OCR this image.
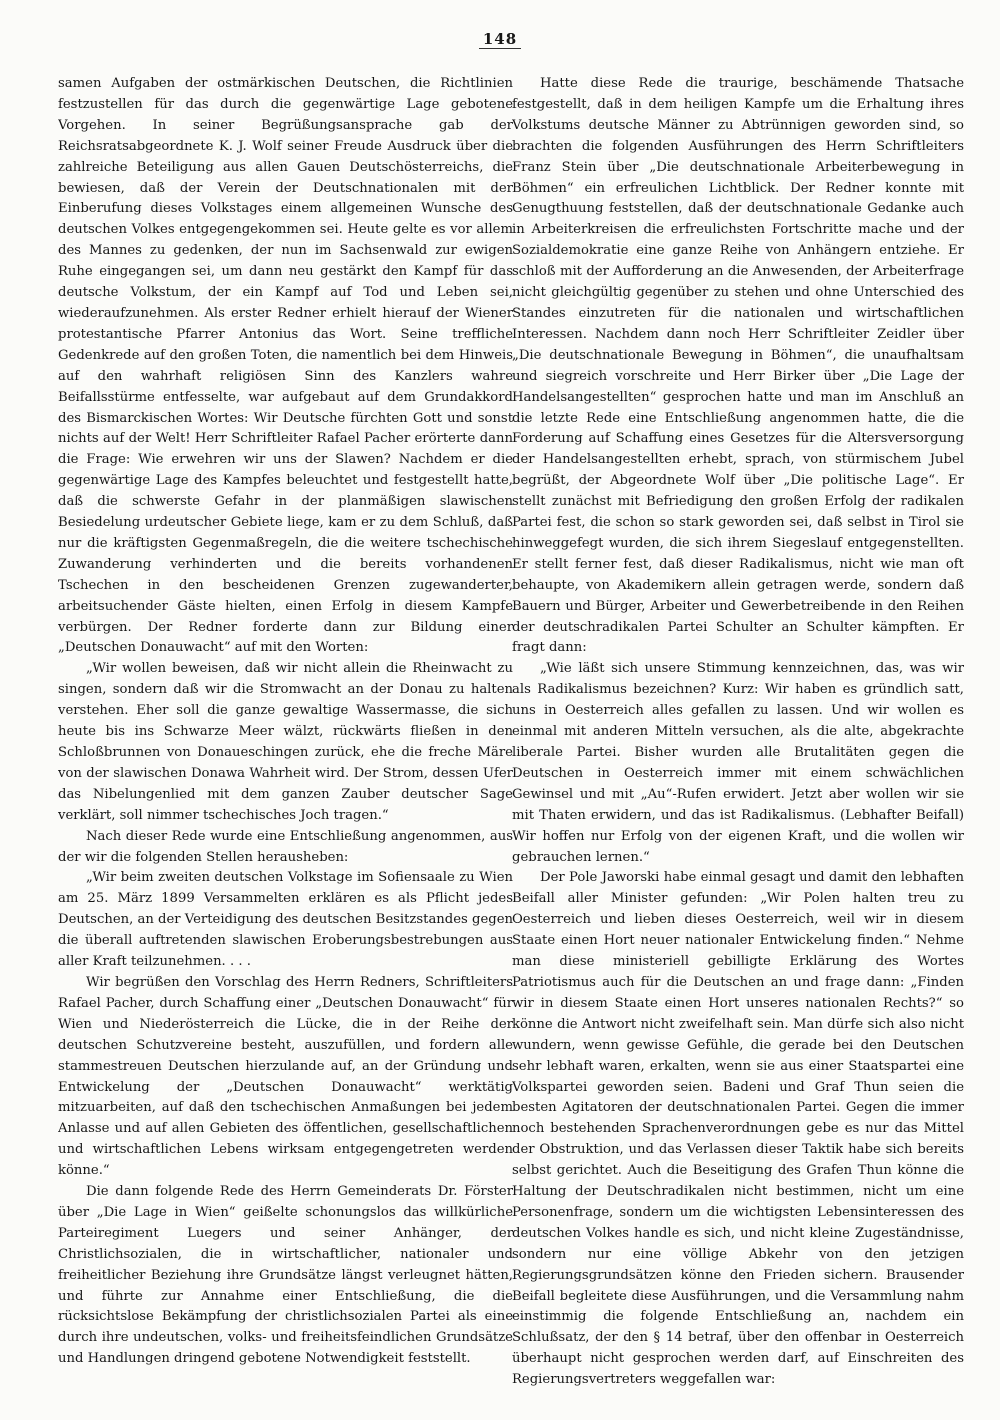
148

samen Aufgaben der ostmärkischen Deutschen, die Richtlinien festzustellen für das durch die gegenwärtige Lage gebotene Vorgehen. In seiner Begrüßungsansprache gab der Reichsratsabgeordnete K. J. Wolf seiner Freude Ausdruck über die zahlreiche Beteiligung aus allen Gauen Deutschösterreichs, die bewiesen, daß der Verein der Deutschnationalen mit der Einberufung dieses Volkstages einem allgemeinen Wunsche des deutschen Volkes entgegengekommen sei. Heute gelte es vor allem des Mannes zu gedenken, der nun im Sachsenwald zur ewigen Ruhe eingegangen sei, um dann neu gestärkt den Kampf für das deutsche Volkstum, der ein Kampf auf Tod und Leben sei, wiederaufzunehmen. Als erster Redner erhielt hierauf der Wiener protestantische Pfarrer Antonius das Wort. Seine treffliche Gedenkrede auf den großen Toten, die namentlich bei dem Hinweis auf den wahrhaft religiösen Sinn des Kanzlers wahre Beifallsstürme entfesselte, war aufgebaut auf dem Grundakkord des Bismarckischen Wortes: Wir Deutsche fürchten Gott und sonst nichts auf der Welt! Herr Schriftleiter Rafael Pacher erörterte dann die Frage: Wie erwehren wir uns der Slawen? Nachdem er die gegenwärtige Lage des Kampfes beleuchtet und festgestellt hatte, daß die schwerste Gefahr in der planmäßigen slawischen Besiedelung urdeutscher Gebiete liege, kam er zu dem Schluß, daß nur die kräftigsten Gegenmaßregeln, die die weitere tschechische Zuwanderung verhinderten und die bereits vorhandenen Tschechen in den bescheidenen Grenzen zugewanderter, arbeitsuchender Gäste hielten, einen Erfolg in diesem Kampfe verbürgen. Der Redner forderte dann zur Bildung einer „Deutschen Donauwacht“ auf mit den Worten:

„Wir wollen beweisen, daß wir nicht allein die Rheinwacht zu singen, sondern daß wir die Stromwacht an der Donau zu halten verstehen. Eher soll die ganze gewaltige Wassermasse, die sich heute bis ins Schwarze Meer wälzt, rückwärts fließen in den Schloßbrunnen von Donaueschingen zurück, ehe die freche Märe von der slawischen Donawa Wahrheit wird. Der Strom, dessen Ufer das Nibelungenlied mit dem ganzen Zauber deutscher Sage verklärt, soll nimmer tschechisches Joch tragen.“

Nach dieser Rede wurde eine Entschließung angenommen, aus der wir die folgenden Stellen herausheben:

„Wir beim zweiten deutschen Volkstage im Sofiensaale zu Wien am 25. März 1899 Versammelten erklären es als Pflicht jedes Deutschen, an der Verteidigung des deutschen Besitzstandes gegen die überall auftretenden slawischen Eroberungsbestrebungen aus aller Kraft teilzunehmen. . . .

Wir begrüßen den Vorschlag des Herrn Redners, Schriftleiters Rafael Pacher, durch Schaffung einer „Deutschen Donauwacht“ für Wien und Niederösterreich die Lücke, die in der Reihe der deutschen Schutzvereine besteht, auszufüllen, und fordern alle stammestreuen Deutschen hierzulande auf, an der Gründung und Entwickelung der „Deutschen Donauwacht“ werktätig mitzuarbeiten, auf daß den tschechischen Anmaßungen bei jedem Anlasse und auf allen Gebieten des öffentlichen, gesellschaftlichen und wirtschaftlichen Lebens wirksam entgegengetreten werden könne.“

Die dann folgende Rede des Herrn Gemeinderats Dr. Förster über „Die Lage in Wien“ geißelte schonungslos das willkürliche Parteiregiment Luegers und seiner Anhänger, der Christlichsozialen, die in wirtschaftlicher, nationaler und freiheitlicher Beziehung ihre Grundsätze längst verleugnet hätten, und führte zur Annahme einer Entschließung, die die rücksichtslose Bekämpfung der christlichsozialen Partei als eine durch ihre undeutschen, volks- und freiheitsfeindlichen Grundsätze und Handlungen dringend gebotene Notwendigkeit feststellt.

Hatte diese Rede die traurige, beschämende Thatsache festgestellt, daß in dem heiligen Kampfe um die Erhaltung ihres Volkstums deutsche Männer zu Abtrünnigen geworden sind, so brachten die folgenden Ausführungen des Herrn Schriftleiters Franz Stein über „Die deutschnationale Arbeiterbewegung in Böhmen“ ein erfreulichen Lichtblick. Der Redner konnte mit Genugthuung feststellen, daß der deutschnationale Gedanke auch in Arbeiterkreisen die erfreulichsten Fortschritte mache und der Sozialdemokratie eine ganze Reihe von Anhängern entziehe. Er schloß mit der Aufforderung an die Anwesenden, der Arbeiterfrage nicht gleichgültig gegenüber zu stehen und ohne Unterschied des Standes einzutreten für die nationalen und wirtschaftlichen Interessen. Nachdem dann noch Herr Schriftleiter Zeidler über „Die deutschnationale Bewegung in Böhmen“, die unaufhaltsam und siegreich vorschreite und Herr Birker über „Die Lage der Handelsangestellten“ gesprochen hatte und man im Anschluß an die letzte Rede eine Entschließung angenommen hatte, die die Forderung auf Schaffung eines Gesetzes für die Altersversorgung der Handelsangestellten erhebt, sprach, von stürmischem Jubel begrüßt, der Abgeordnete Wolf über „Die politische Lage“. Er stellt zunächst mit Befriedigung den großen Erfolg der radikalen Partei fest, die schon so stark geworden sei, daß selbst in Tirol sie hinweggefegt wurden, die sich ihrem Siegeslauf entgegenstellten. Er stellt ferner fest, daß dieser Radikalismus, nicht wie man oft behaupte, von Akademikern allein getragen werde, sondern daß Bauern und Bürger, Arbeiter und Gewerbetreibende in den Reihen der deutschradikalen Partei Schulter an Schulter kämpften. Er fragt dann:

„Wie läßt sich unsere Stimmung kennzeichnen, das, was wir als Radikalismus bezeichnen? Kurz: Wir haben es gründlich satt, uns in Oesterreich alles gefallen zu lassen. Und wir wollen es einmal mit anderen Mitteln versuchen, als die alte, abgekrachte liberale Partei. Bisher wurden alle Brutalitäten gegen die Deutschen in Oesterreich immer mit einem schwächlichen Gewinsel und mit „Au“-Rufen erwidert. Jetzt aber wollen wir sie mit Thaten erwidern, und das ist Radikalismus. (Lebhafter Beifall) Wir hoffen nur Erfolg von der eigenen Kraft, und die wollen wir gebrauchen lernen.“

Der Pole Jaworski habe einmal gesagt und damit den lebhaften Beifall aller Minister gefunden: „Wir Polen halten treu zu Oesterreich und lieben dieses Oesterreich, weil wir in diesem Staate einen Hort neuer nationaler Entwickelung finden.“ Nehme man diese ministeriell gebilligte Erklärung des Wortes Patriotismus auch für die Deutschen an und frage dann: „Finden wir in diesem Staate einen Hort unseres nationalen Rechts?“ so könne die Antwort nicht zweifelhaft sein. Man dürfe sich also nicht wundern, wenn gewisse Gefühle, die gerade bei den Deutschen sehr lebhaft waren, erkalten, wenn sie aus einer Staatspartei eine Volkspartei geworden seien. Badeni und Graf Thun seien die besten Agitatoren der deutschnationalen Partei. Gegen die immer noch bestehenden Sprachenverordnungen gebe es nur das Mittel der Obstruktion, und das Verlassen dieser Taktik habe sich bereits selbst gerichtet. Auch die Beseitigung des Grafen Thun könne die Haltung der Deutschradikalen nicht bestimmen, nicht um eine Personenfrage, sondern um die wichtigsten Lebensinteressen des deutschen Volkes handle es sich, und nicht kleine Zugeständnisse, sondern nur eine völlige Abkehr von den jetzigen Regierungsgrundsätzen könne den Frieden sichern. Brausender Beifall begleitete diese Ausführungen, und die Versammlung nahm einstimmig die folgende Entschließung an, nachdem ein Schlußsatz, der den § 14 betraf, über den offenbar in Oesterreich überhaupt nicht gesprochen werden darf, auf Einschreiten des Regierungsvertreters weggefallen war:
